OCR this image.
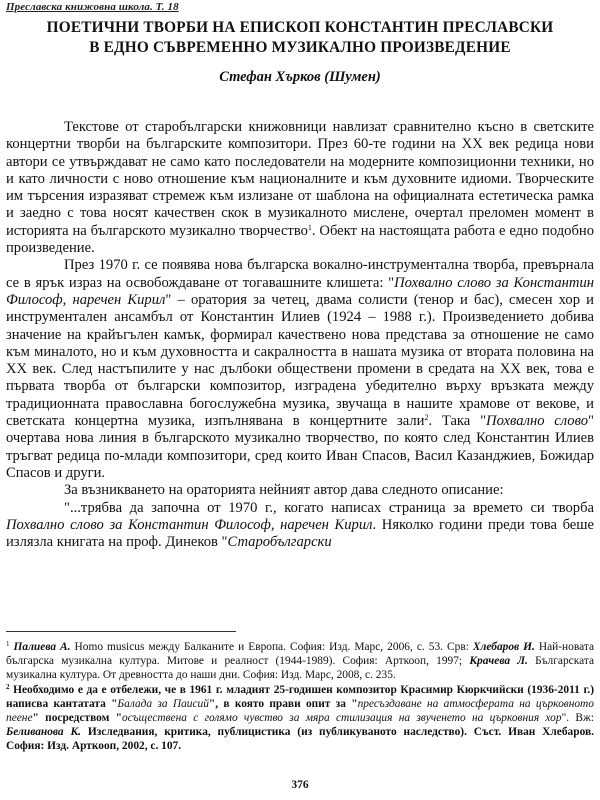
Преславска книжовна школа. Т. 18
ПОЕТИЧНИ ТВОРБИ НА ЕПИСКОП КОНСТАНТИН ПРЕСЛАВСКИ
В ЕДНО СЪВРЕМЕННО МУЗИКАЛНО ПРОИЗВЕДЕНИЕ
Стефан Хърков (Шумен)

Текстове от старобългарски книжовници навлизат сравнително късно в светските концертни творби на българските композитори. През 60-те години на ХХ век редица нови автори се утвърждават не само като последователи на модерните композиционни техники, но и като личности с ново отношение към националните и към духовните идиоми. Творческите им търсения изразяват стремеж към излизане от шаблона на официалната естетическа рамка и заедно с това носят качествен скок в музикалното мислене, очертал преломен момент в историята на българското музикално творчество$^1$. Обект на настоящата работа е едно подобно произведение.

През 1970 г. се появява нова българска вокално-инструментална творба, превърнала се в ярък израз на освобождаване от тогавашните клишета: "Похвално слово за Константин Философ, наречен Кирил" – оратория за четец, двама солисти (тенор и бас), смесен хор и инструментален ансамбъл от Константин Илиев (1924 – 1988 г.). Произведението добива значение на крайъгълен камък, формирал качествено нова представа за отношение не само към миналото, но и към духовността и сакралността в нашата музика от втората половина на ХХ век. След настъпилите у нас дълбоки обществени промени в средата на ХХ век, това е първата творба от български композитор, изградена убедително върху връзката между традиционната православна богослужебна музика, звучаща в нашите храмове от векове, и светската концертна музика, изпълнявана в концертните зали$^2$. Така "Похвално слово" очертава нова линия в българското музикално творчество, по която след Константин Илиев тръгват редица по-млади композитори, сред които Иван Спасов, Васил Казанджиев, Божидар Спасов и други.

За възникването на ораторията нейният автор дава следното описание:

"...трябва да започна от 1970 г., когато написах страница за времето си творба Похвално слово за Константин Философ, наречен Кирил. Няколко години преди това беше излязла книгата на проф. Динеков "Старобългарски

$^1$ Палиева А. Homo musicus между Балканите и Европа. София: Изд. Марс, 2006, с. 53. Срв: Хлебаров И. Най-новата българска музикална култура. Митове и реалност (1944-1989). София: Арткооп, 1997; Крачева Л. Българската музикална култура. От древността до наши дни. София: Изд. Марс, 2008, с. 235.

$^2$ Необходимо е да е отбележи, че в 1961 г. младият 25-годишен композитор Красимир Кюркчийски (1936-2011 г.) написва кантатата "Балада за Паисий", в която прави опит за "пресъздаване на атмосферата на църковното пеене" посредством "осъществена с голямо чувство за мяра стилизация на звученето на църковния хор". Вж: Беливанова К. Изследвания, критика, публицистика (из публикуваното наследство). Съст. Иван Хлебаров. София: Изд. Арткооп, 2002, с. 107.

376
